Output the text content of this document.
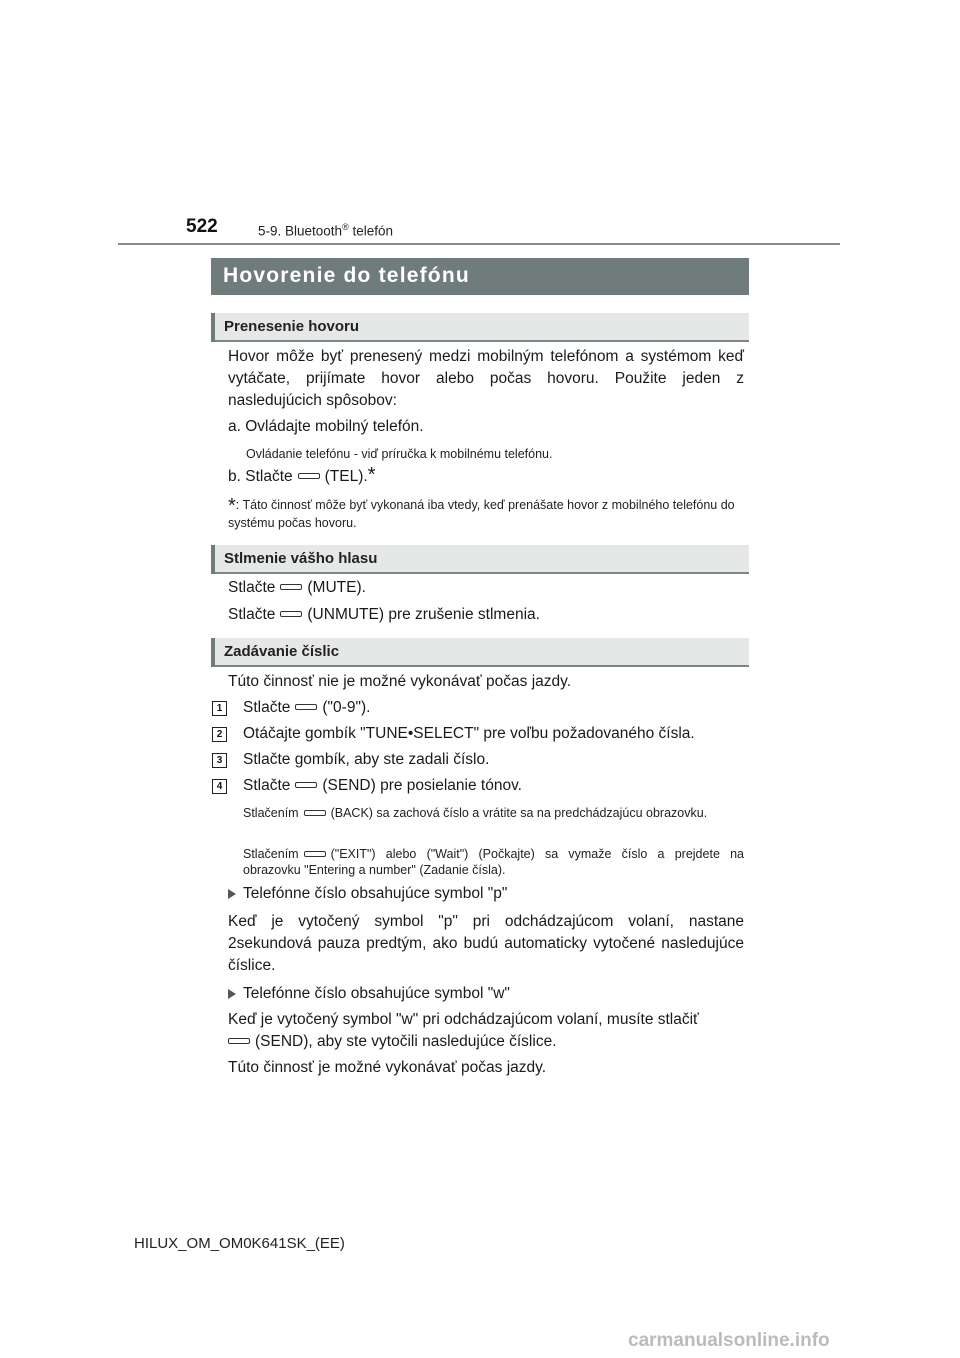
522	5-9. Bluetooth® telefón
Hovorenie do telefónu
Prenesenie hovoru
Hovor môže byť prenesený medzi mobilným telefónom a systémom keď vytáčate, prijímate hovor alebo počas hovoru. Použite jeden z nasledujúcich spôsobov:
a. Ovládajte mobilný telefón.
Ovládanie telefónu - viď príručka k mobilnému telefónu.
b. Stlačte (TEL).*
*: Táto činnosť môže byť vykonaná iba vtedy, keď prenášate hovor z mobilného telefónu do systému počas hovoru.
Stlmenie vášho hlasu
Stlačte (MUTE).
Stlačte (UNMUTE) pre zrušenie stlmenia.
Zadávanie číslic
Túto činnosť nie je možné vykonávať počas jazdy.
1	Stlačte ("0-9").
2	Otáčajte gombík "TUNE•SELECT" pre voľbu požadovaného čísla.
3	Stlačte gombík, aby ste zadali číslo.
4	Stlačte (SEND) pre posielanie tónov.
Stlačením	(BACK) sa zachová číslo a vrátite sa na predchádzajúcu obrazovku.
Stlačením	("EXIT") alebo ("Wait") (Počkajte) sa vymaže číslo a prejdete na obrazovku "Entering a number" (Zadanie čísla).
Telefónne číslo obsahujúce symbol "p"
Keď je vytočený symbol "p" pri odchádzajúcom volaní, nastane 2sekundová pauza predtým, ako budú automaticky vytočené nasledujúce číslice.
Telefónne číslo obsahujúce symbol "w"
Keď je vytočený symbol "w" pri odchádzajúcom volaní, musíte stlačiť
(SEND), aby ste vytočili nasledujúce číslice.
Túto činnosť je možné vykonávať počas jazdy.
HILUX_OM_OM0K641SK_(EE)
carmanualsonline.info
